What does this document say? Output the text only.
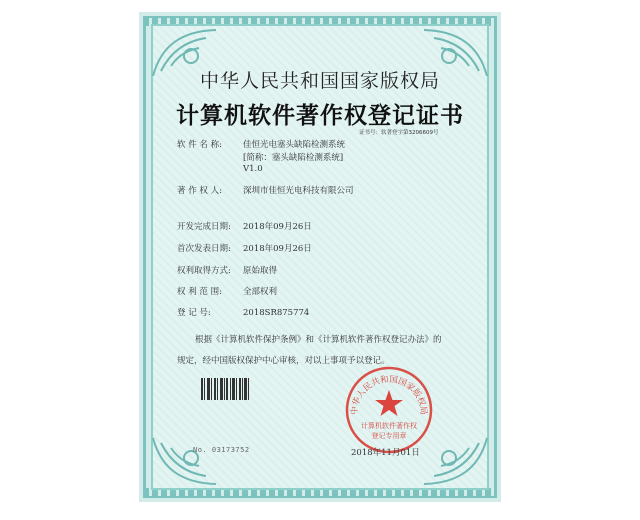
中华人民共和国国家版权局
计算机软件著作权登记证书
证书号：软著登字第3206609号
软 件 名 称: 佳恒光电塞头缺陷检测系统
[简称：塞头缺陷检测系统]
V1.0
著 作 权 人: 深圳市佳恒光电科技有限公司
开发完成日期: 2018年09月26日
首次发表日期: 2018年09月26日
权利取得方式: 原始取得
权 利 范 围: 全部权利
登 记 号:	2018SR875774
根据《计算机软件保护条例》和《计算机软件著作权登记办法》的
规定，经中国版权保护中心审核，对以上事项予以登记。
No. 03173752
中华人民共和国国家版权局
计算机软件著作权
登记专用章
2018年11月01日
